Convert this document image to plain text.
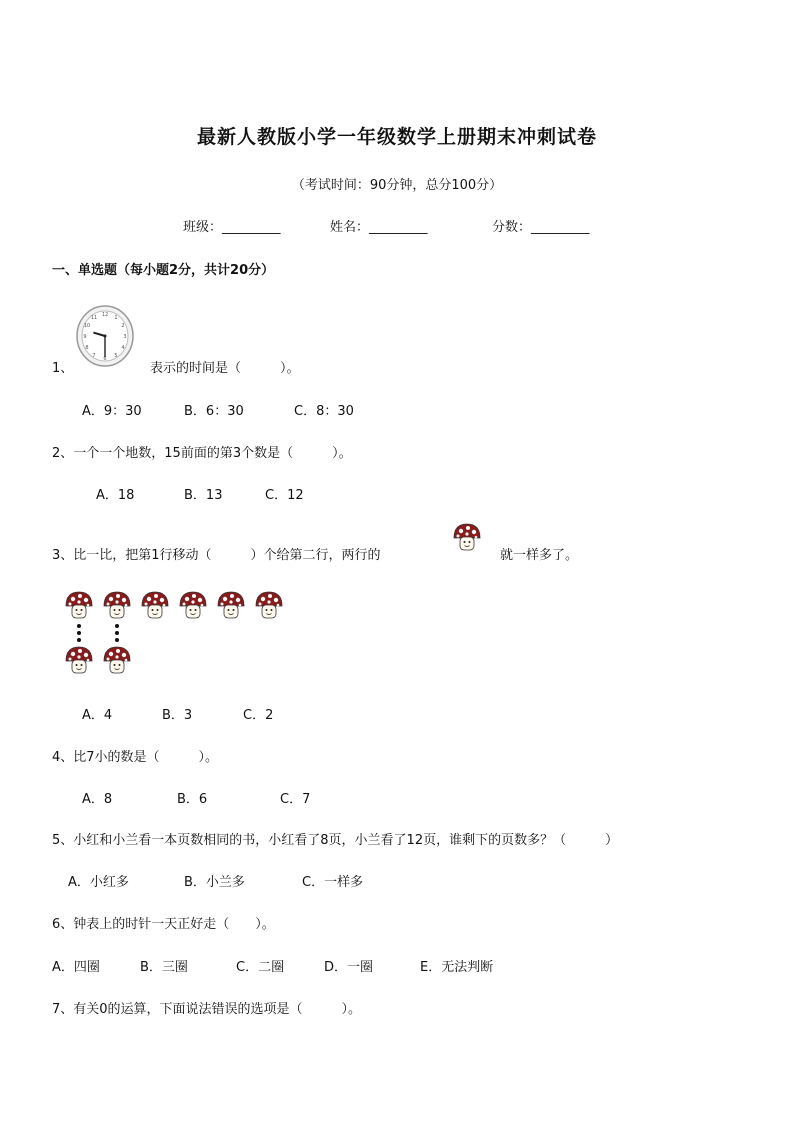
最新人教版小学一年级数学上册期末冲刺试卷
（考试时间：90分钟，总分100分）
班级：_________	姓名：_________	分数：_________
一、单选题（每小题2分，共计20分）
1、
12 1
2
3
4
5
6
7
8
9
10
11
表示的时间是（　　　）。
A．9：30	B．6：30	C．8：30
2、一个一个地数，15前面的第3个数是（　　　）。
A．18	B．13	C．12
3、比一比，把第1行移动（　　　）个给第二行，两行的	就一样多了。
A．4	B．3	C．2
4、比7小的数是（　　　）。
A．8	B．6	C．7
5、小红和小兰看一本页数相同的书，小红看了8页，小兰看了12页，谁剩下的页数多？（　　　）
A．小红多	B．小兰多	C．一样多
6、钟表上的时针一天正好走（　　）。
A．四圈	B．三圈	C．二圈	D．一圈	E．无法判断
7、有关0的运算，下面说法错误的选项是（　　　）。
